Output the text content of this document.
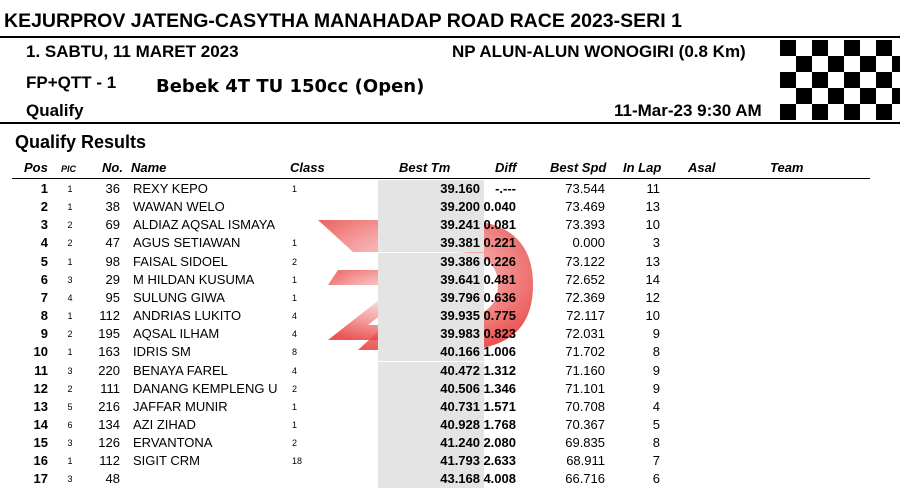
KEJURPROV JATENG-CASYTHA MANAHADAP ROAD RACE 2023-SERI 1
1. SABTU, 11 MARET 2023	NP ALUN-ALUN WONOGIRI (0.8 Km)
FP+QTT - 1 Bebek 4T TU 150cc (Open)
Qualify	11-Mar-23 9:30 AM
Qualify Results
Pos PIC No. Name	Class	Best Tm	Diff	Best Spd In Lap Asal	Team
1	1	36 REXY KEPO	1	39.160	-.---	73.544	11
2	1	38 WAWAN WELO	39.200 0.040	73.469	13
3	2	69 ALDIAZ AQSAL ISMAYA	39.241 0.081	73.393	10
4	2	47 AGUS SETIAWAN	1	39.381 0.221	0.000	3
5	1	98 FAISAL SIDOEL	2	39.386 0.226	73.122	13
6	3	29 M HILDAN KUSUMA	1	39.641 0.481	72.652	14
7	4	95 SULUNG GIWA	1	39.796 0.636	72.369	12
8	1	112 ANDRIAS LUKITO	4	39.935 0.775	72.117	10
9	2	195 AQSAL ILHAM	4	39.983 0.823	72.031	9
10	1	163 IDRIS SM	8	40.166 1.006	71.702	8
11	3	220 BENAYA FAREL	4	40.472 1.312	71.160	9
12	2	111 DANANG KEMPLENG U	2	40.506 1.346	71.101	9
13	5	216 JAFFAR MUNIR	1	40.731 1.571	70.708	4
14	6	134 AZI ZIHAD	1	40.928 1.768	70.367	5
15	3	126 ERVANTONA	2	41.240 2.080	69.835	8
16	1	112 SIGIT CRM	18	41.793 2.633	68.911	7
17	3	48	43.168 4.008	66.716	6
